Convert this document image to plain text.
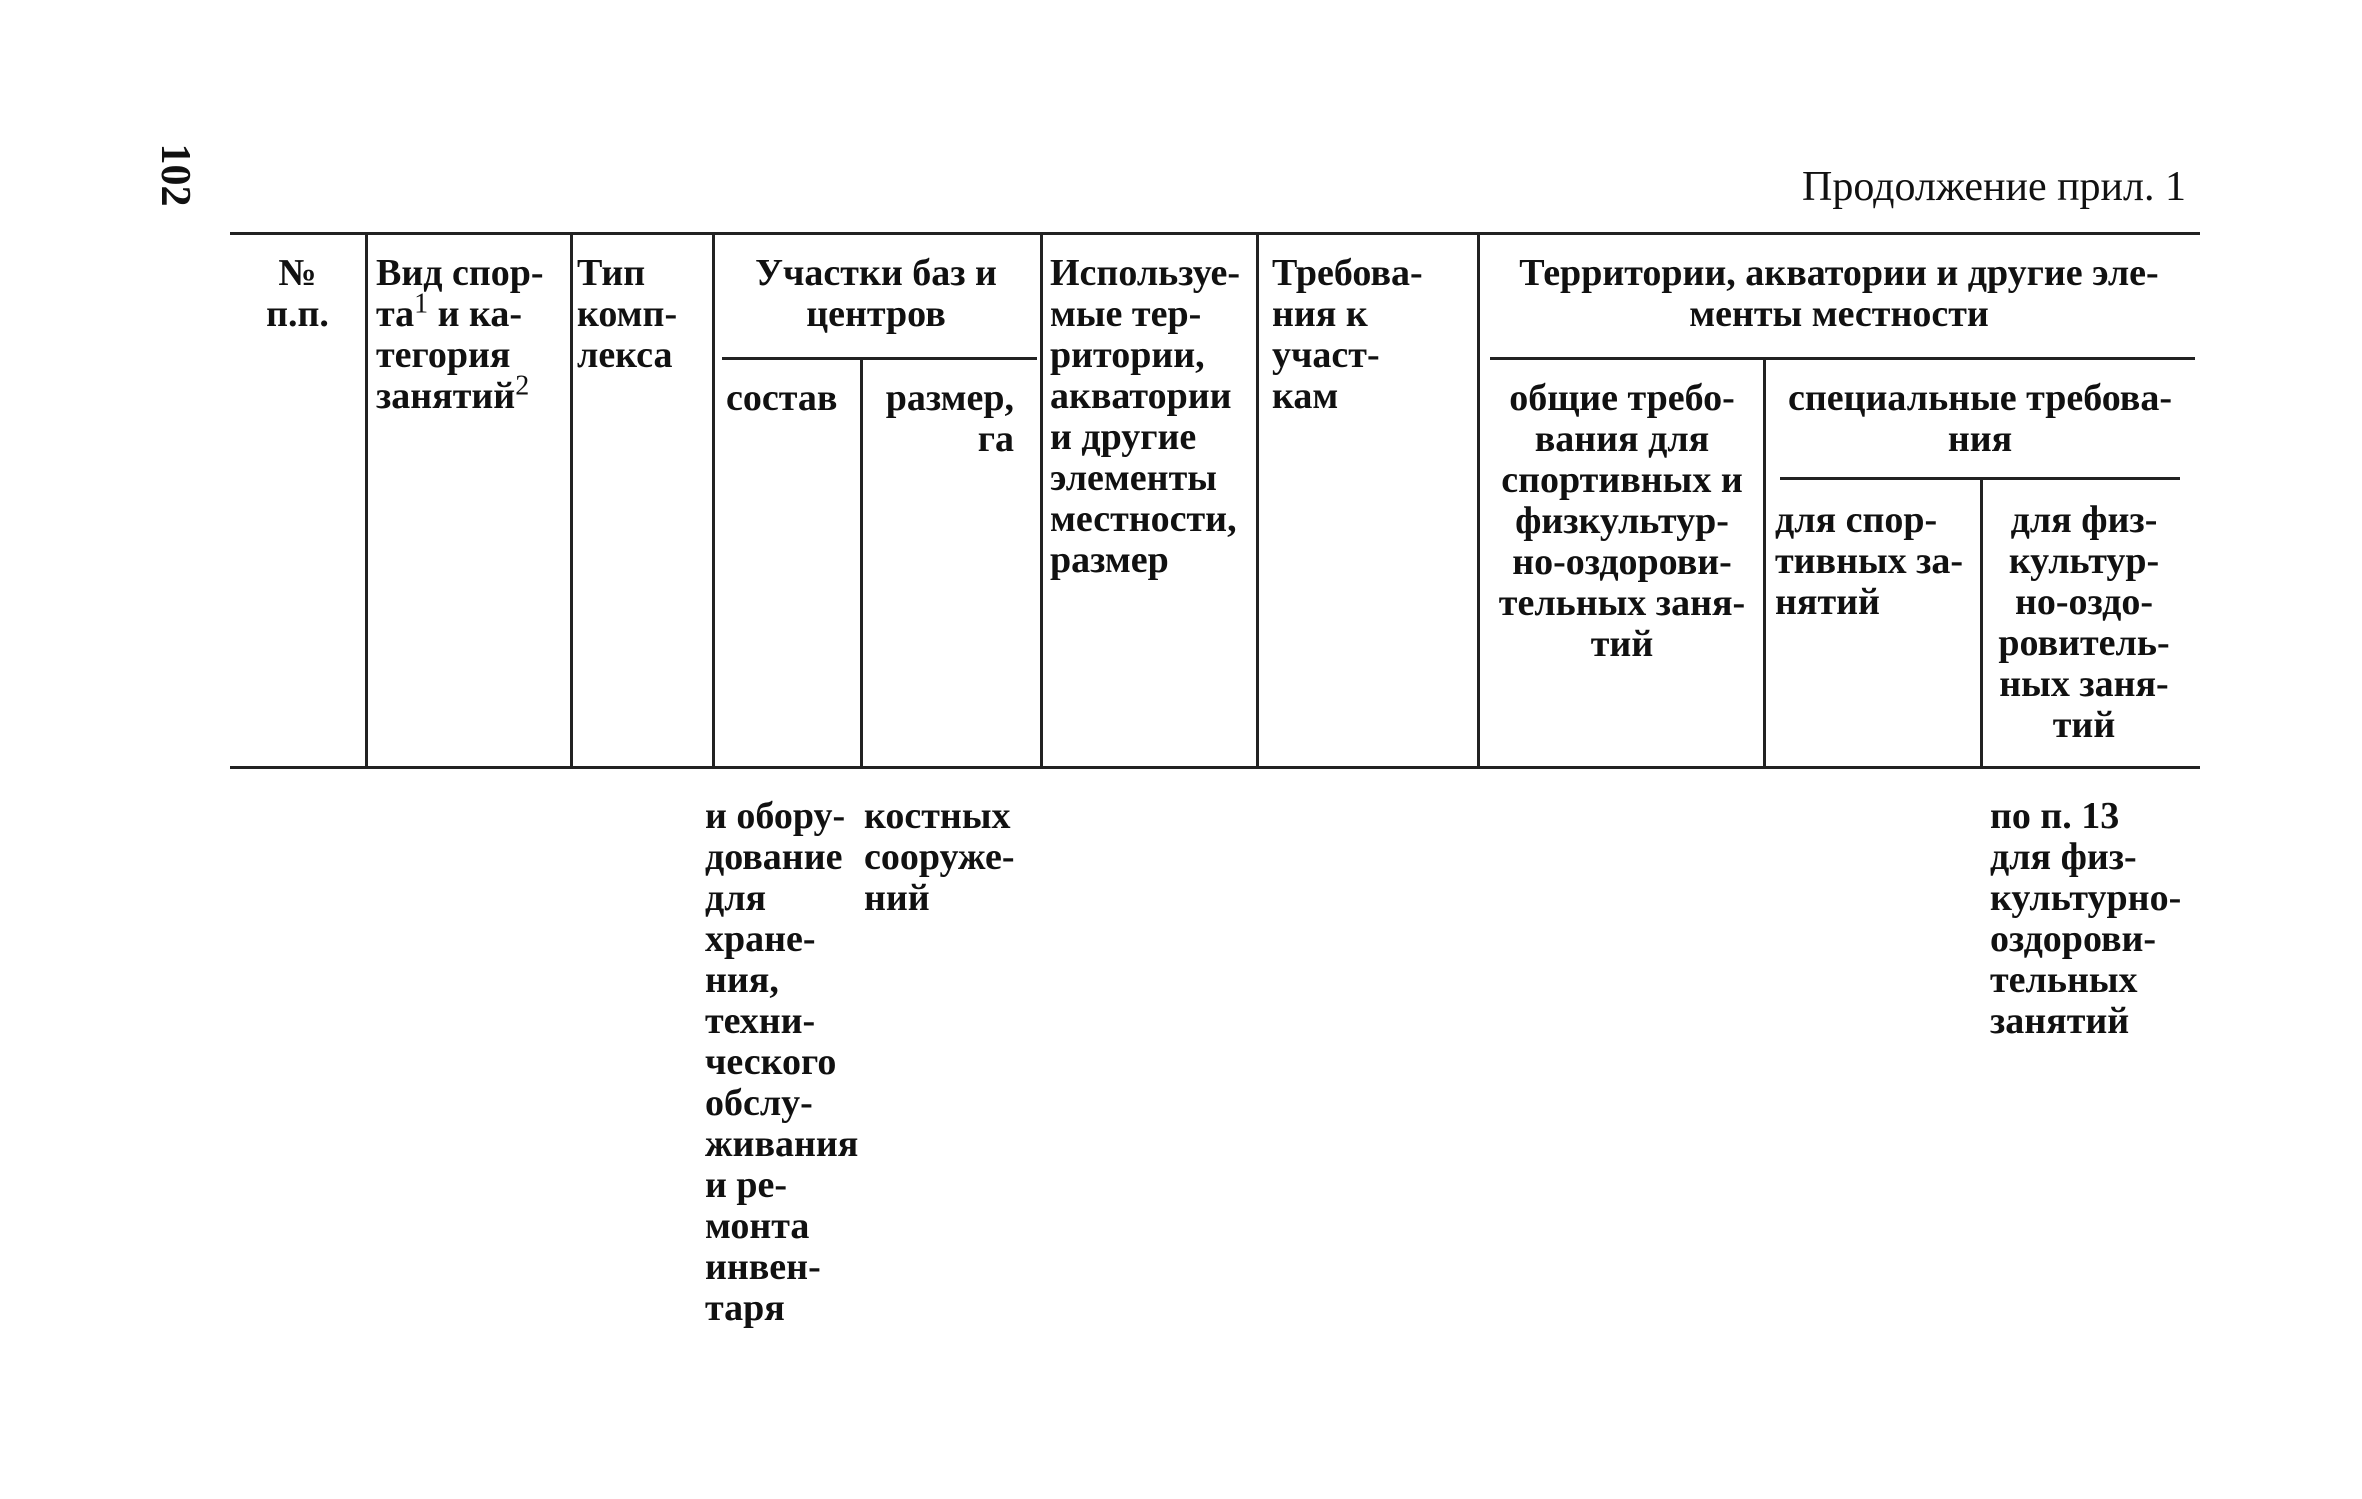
102	Продолжение прил. 1
№
п.п.
Вид спор-
$та^1$ и ка-
тегория
занятий$^2$
Тип
комп-
лекса
Участки баз и
центров
состав	размер,
га
Используе-
мые тер-
ритории,
акватории
и другие
элементы
местности,
размер
Требова-
ния к
участ-
кам
Территории, акватории и другие эле-
менты местности
общие требо-
вания для
спортивных и
физкультур-
но-оздорови-
тельных заня-
тий
специальные требова-
ния
для спор-
тивных за-
нятий
для физ-
культур-
но-оздо-
ровитель-
ных заня-
тий
и обору-
дование
для
хране-
ния,
техни-
ческого
обслу-
живания
и ре-
монта
инвен-
таря
костных
сооруже-
ний
по п. 13
для физ-
культурно-
оздорови-
тельных
занятий
